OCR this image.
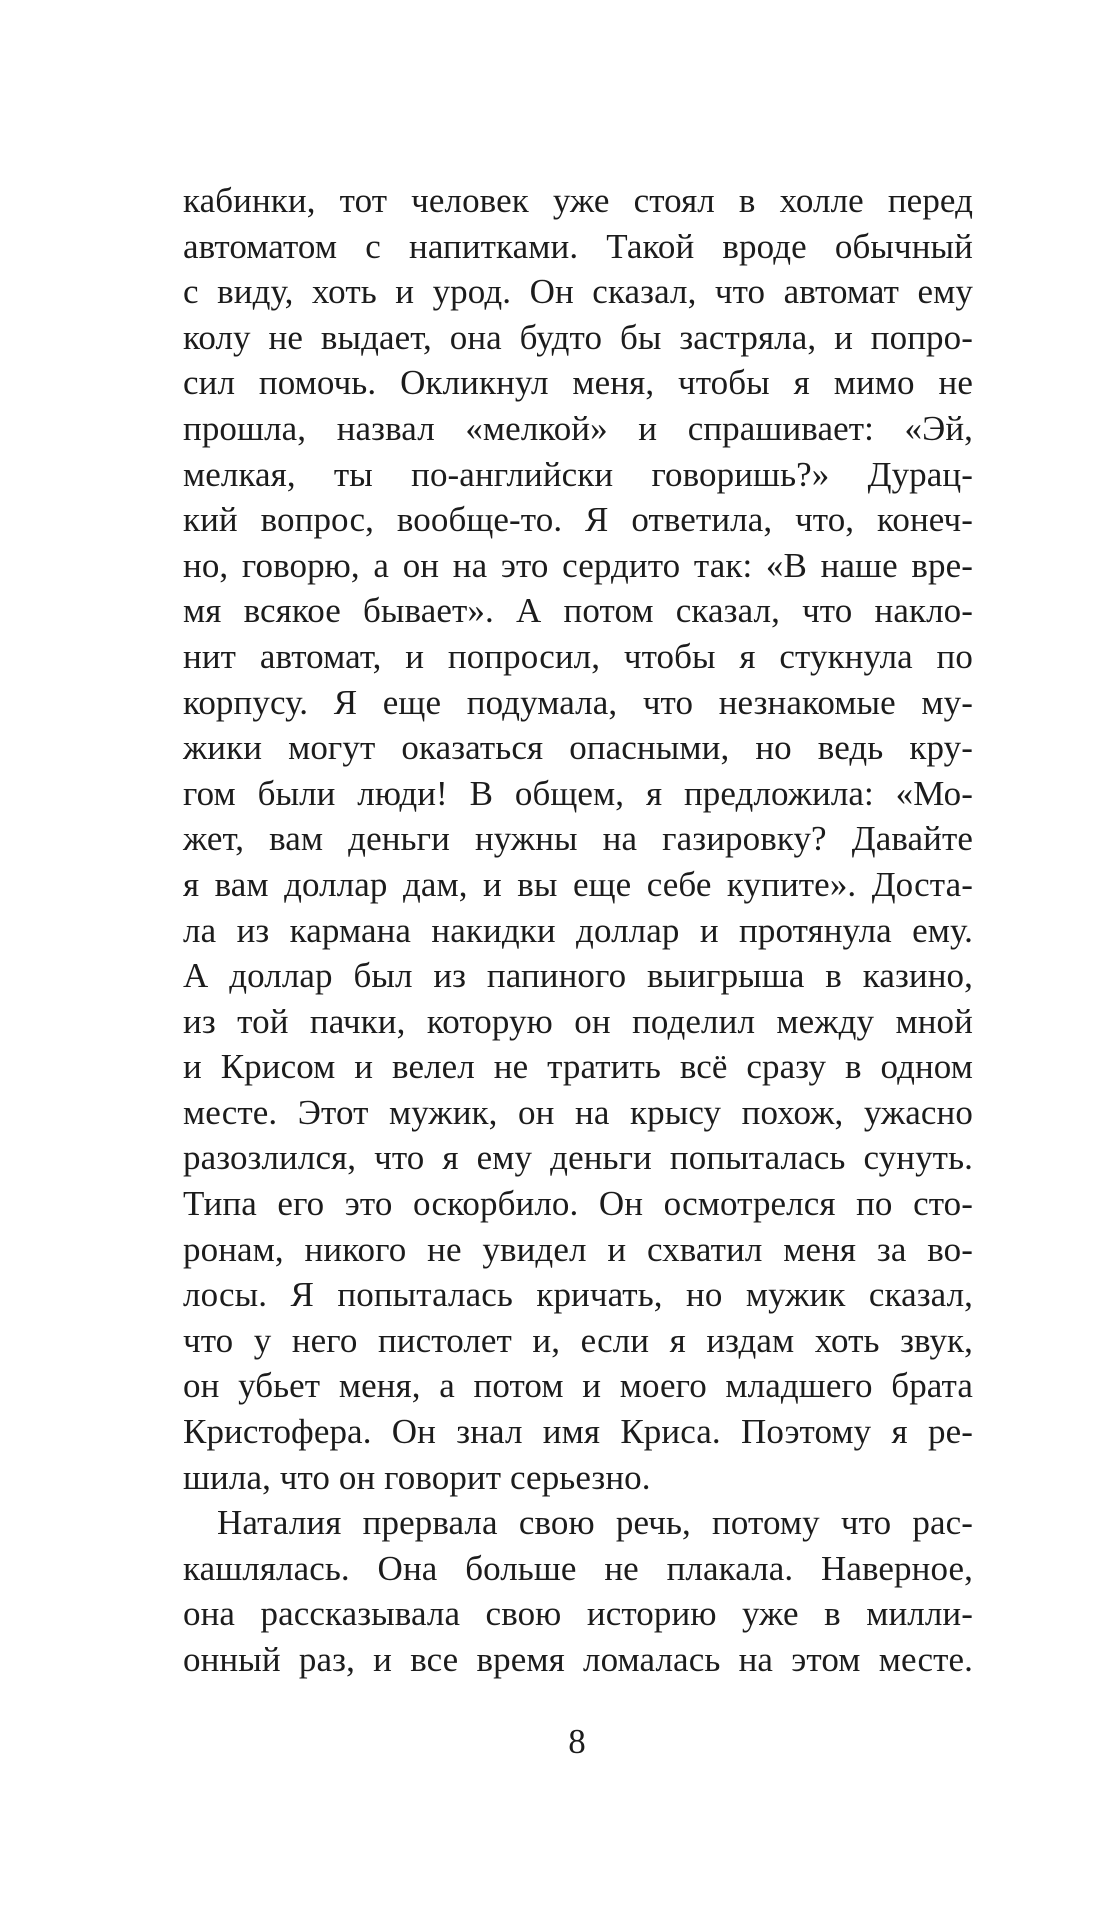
кабинки, тот человек уже стоял в холле перед
автоматом с напитками. Такой вроде обычный
с виду, хоть и урод. Он сказал, что автомат ему
колу не выдает, она будто бы застряла, и попро-
сил помочь. Окликнул меня, чтобы я мимо не
прошла, назвал «мелкой» и спрашивает: «Эй,
мелкая, ты по-английски говоришь?» Дурац-
кий вопрос, вообще-то. Я ответила, что, конеч-
но, говорю, а он на это сердито так: «В наше вре-
мя всякое бывает». А потом сказал, что накло-
нит автомат, и попросил, чтобы я стукнула по
корпусу. Я еще подумала, что незнакомые му-
жики могут оказаться опасными, но ведь кру-
гом были люди! В общем, я предложила: «Мо-
жет, вам деньги нужны на газировку? Давайте
я вам доллар дам, и вы еще себе купите». Доста-
ла из кармана накидки доллар и протянула ему.
А доллар был из папиного выигрыша в казино,
из той пачки, которую он поделил между мной
и Крисом и велел не тратить всё сразу в одном
месте. Этот мужик, он на крысу похож, ужасно
разозлился, что я ему деньги попыталась сунуть.
Типа его это оскорбило. Он осмотрелся по сто-
ронам, никого не увидел и схватил меня за во-
лосы. Я попыталась кричать, но мужик сказал,
что у него пистолет и, если я издам хоть звук,
он убьет меня, а потом и моего младшего брата
Кристофера. Он знал имя Криса. Поэтому я ре-
шила, что он говорит серьезно.
Наталия прервала свою речь, потому что рас-
кашлялась. Она больше не плакала. Наверное,
она рассказывала свою историю уже в милли-
онный раз, и все время ломалась на этом месте.
8
